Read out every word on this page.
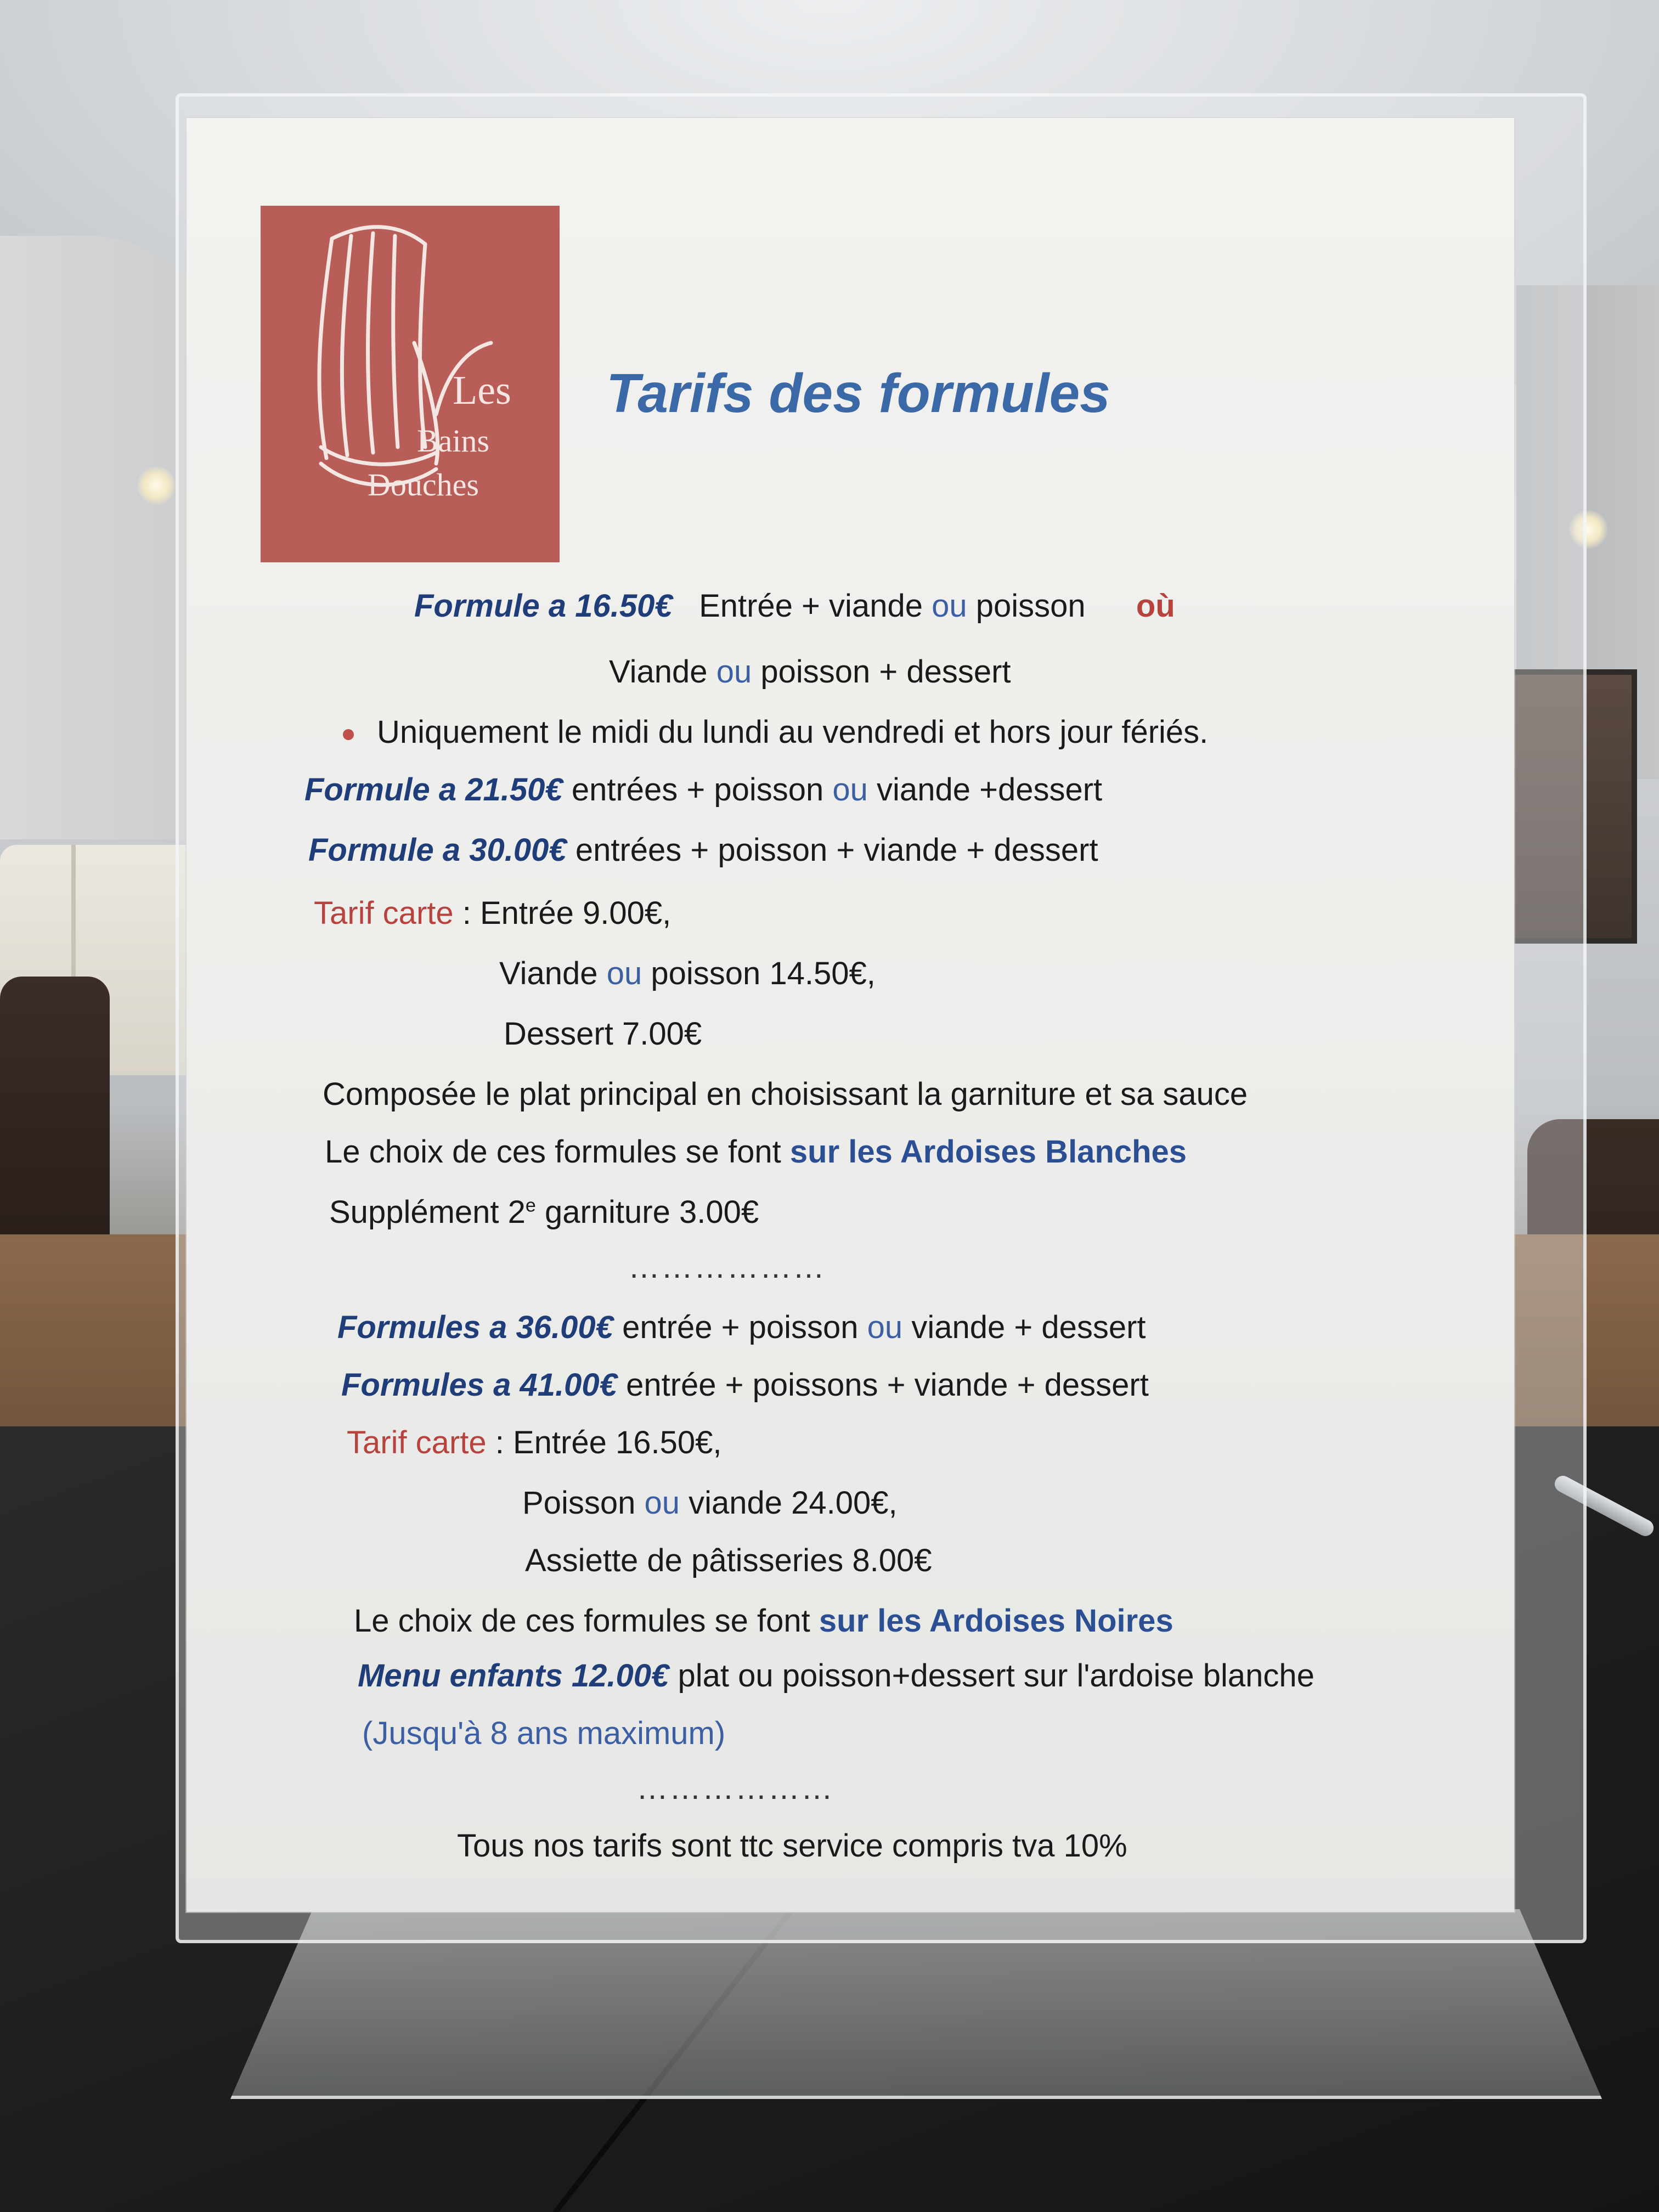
Les
Bains
Douches
Tarifs des formules
Formule a 16.50€ Entrée + viande ou poisson où
Viande ou poisson + dessert
Uniquement le midi du lundi au vendredi et hors jour fériés.
Formule a 21.50€ entrées + poisson ou viande +dessert
Formule a 30.00€ entrées + poisson + viande + dessert
Tarif carte : Entrée 9.00€,
Viande ou poisson 14.50€,
Dessert 7.00€
Composée le plat principal en choisissant la garniture et sa sauce
Le choix de ces formules se font sur les Ardoises Blanches
Supplément 2e garniture 3.00€
………………
Formules a 36.00€ entrée + poisson ou viande + dessert
Formules a 41.00€ entrée + poissons + viande + dessert
Tarif carte : Entrée 16.50€,
Poisson ou viande 24.00€,
Assiette de pâtisseries 8.00€
Le choix de ces formules se font sur les Ardoises Noires
Menu enfants 12.00€ plat ou poisson+dessert sur l'ardoise blanche
(Jusqu'à 8 ans maximum)
………………
Tous nos tarifs sont ttc service compris tva 10%
